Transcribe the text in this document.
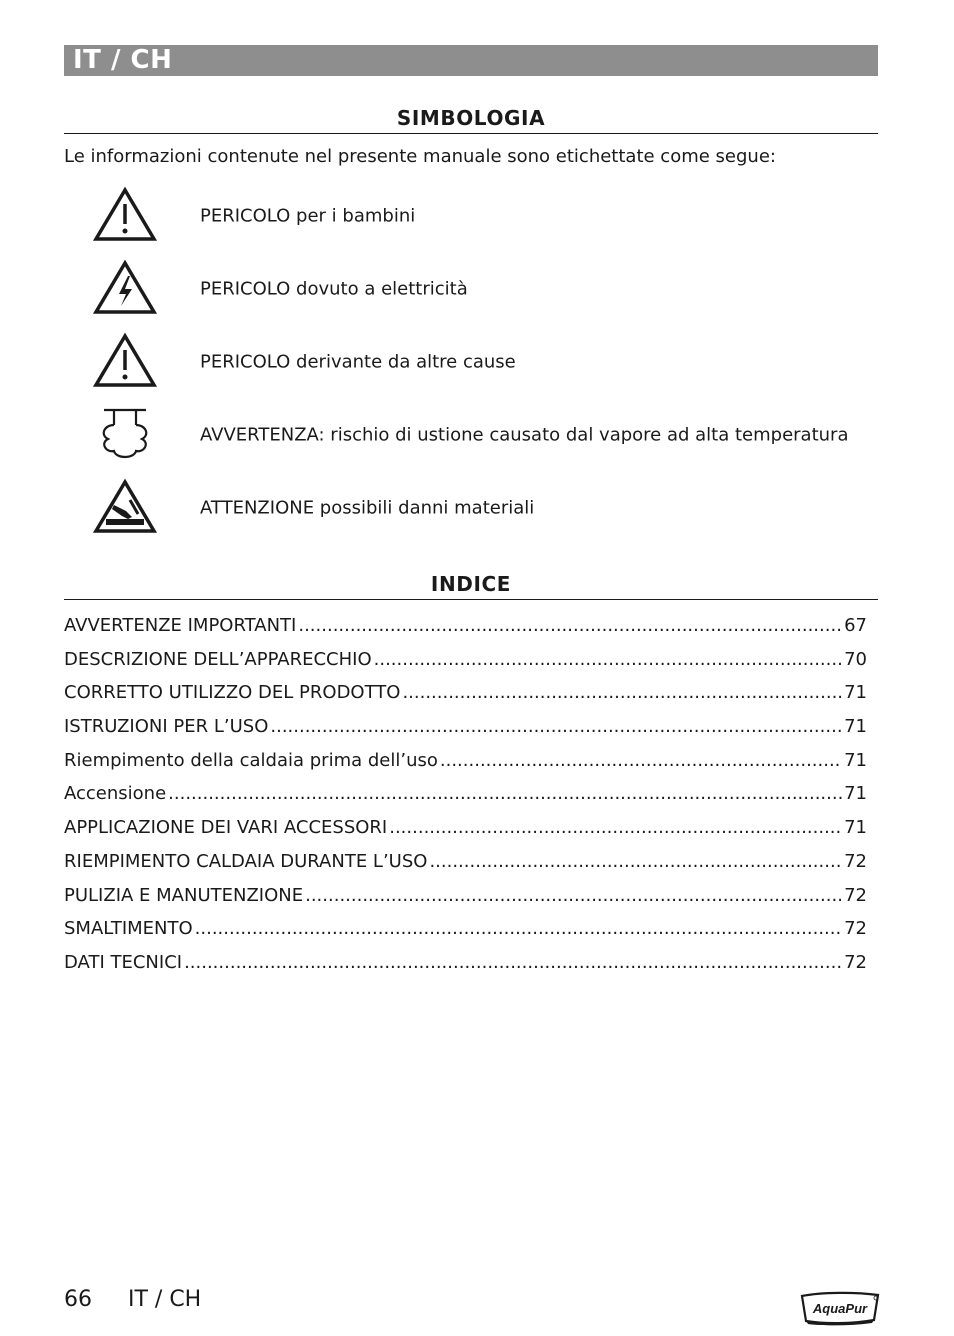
IT / CH
SIMBOLOGIA
Le informazioni contenute nel presente manuale sono etichettate come segue:
PERICOLO per i bambini
PERICOLO dovuto a elettricità
PERICOLO derivante da altre cause
AVVERTENZA: rischio di ustione causato dal vapore ad alta temperatura
ATTENZIONE possibili danni materiali
INDICE
AVVERTENZE IMPORTANTI .....	67
DESCRIZIONE DELL’APPARECCHIO .....	70
CORRETTO UTILIZZO DEL PRODOTTO .....	71
ISTRUZIONI PER L’USO .....	71
Riempimento della caldaia prima dell’uso .....	71
Accensione .....	71
APPLICAZIONE DEI VARI ACCESSORI .....	71
RIEMPIMENTO CALDAIA DURANTE L’USO .....	72
PULIZIA E MANUTENZIONE .....	72
SMALTIMENTO .....	72
DATI TECNICI .....	72
66 IT / CH	AquaPur
